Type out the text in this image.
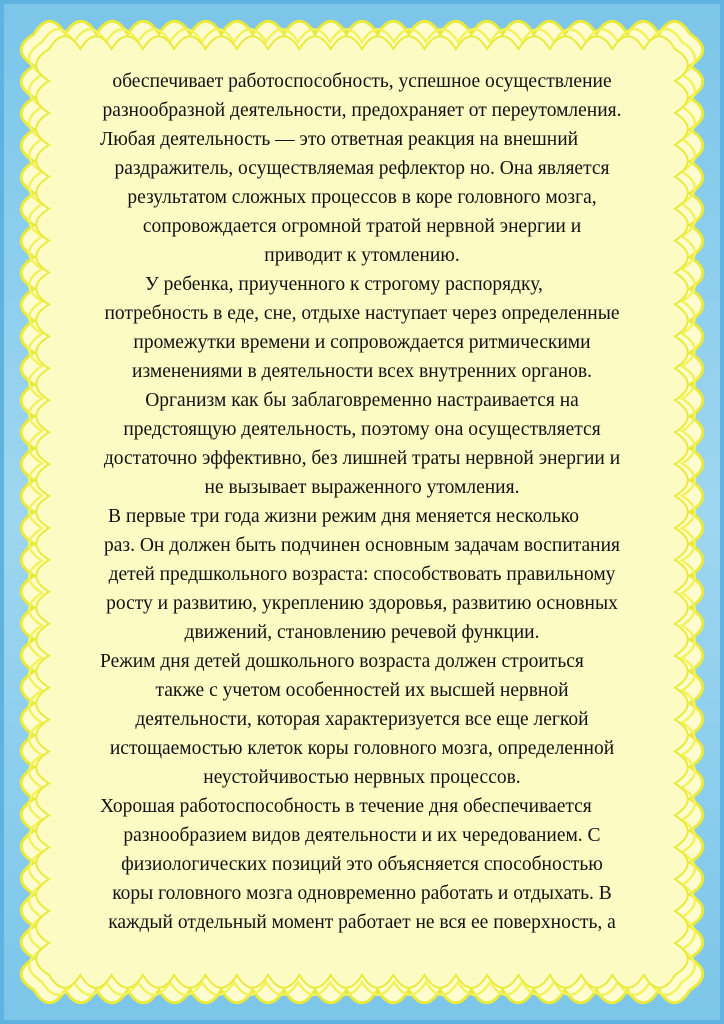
обеспечивает работоспособность, успешное осуществление
разнообразной деятельности, предохраняет от переутомления.
Любая деятельность — это ответная реакция на внешний
раздражитель, осуществляемая рефлектор но. Она является
результатом сложных процессов в коре головного мозга,
сопровождается огромной тратой нервной энергии и
приводит к утомлению.
У ребенка, приученного к строгому распорядку,
потребность в еде, сне, отдыхе наступает через определенные
промежутки времени и сопровождается ритмическими
изменениями в деятельности всех внутренних органов.
Организм как бы заблаговременно настраивается на
предстоящую деятельность, поэтому она осуществляется
достаточно эффективно, без лишней траты нервной энергии и
не вызывает выраженного утомления.
В первые три года жизни режим дня меняется несколько
раз. Он должен быть подчинен основным задачам воспитания
детей предшкольного возраста: способствовать правильному
росту и развитию, укреплению здоровья, развитию основных
движений, становлению речевой функции.
Режим дня детей дошкольного возраста должен строиться
также с учетом особенностей их высшей нервной
деятельности, которая характеризуется все еще легкой
истощаемостью клеток коры головного мозга, определенной
неустойчивостью нервных процессов.
Хорошая работоспособность в течение дня обеспечивается
разнообразием видов деятельности и их чередованием. С
физиологических позиций это объясняется способностью
коры головного мозга одновременно работать и отдыхать. В
каждый отдельный момент работает не вся ее поверхность, а
